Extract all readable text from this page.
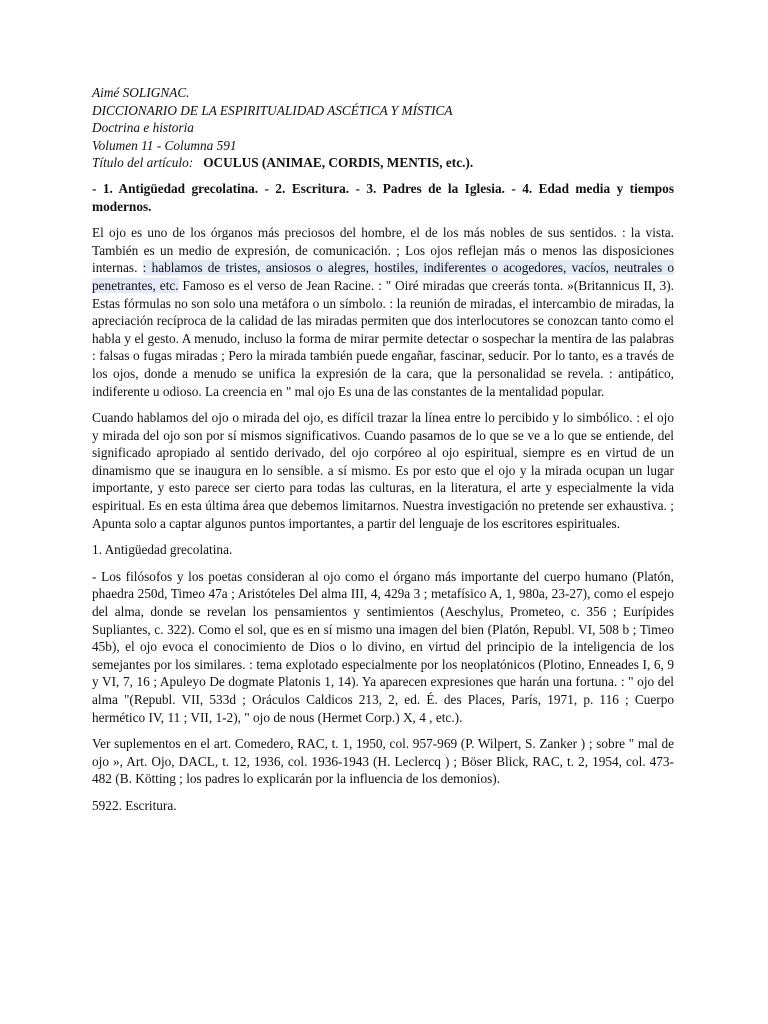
Aimé SOLIGNAC.
DICCIONARIO DE LA ESPIRITUALIDAD ASCÉTICA Y MÍSTICA
Doctrina e historia
Volumen 11 - Columna 591
Título del artículo: OCULUS (ANIMAE, CORDIS, MENTIS, etc.).

- 1. Antigüedad grecolatina. - 2. Escritura. - 3. Padres de la Iglesia. - 4. Edad media y tiempos modernos.

El ojo es uno de los órganos más preciosos del hombre, el de los más nobles de sus sentidos. : la vista. También es un medio de expresión, de comunicación. ; Los ojos reflejan más o menos las disposiciones internas. : hablamos de tristes, ansiosos o alegres, hostiles, indiferentes o acogedores, vacíos, neutrales o penetrantes, etc. Famoso es el verso de Jean Racine. : " Oiré miradas que creerás tonta. »(Britannicus II, 3). Estas fórmulas no son solo una metáfora o un símbolo. : la reunión de miradas, el intercambio de miradas, la apreciación recíproca de la calidad de las miradas permiten que dos interlocutores se conozcan tanto como el habla y el gesto. A menudo, incluso la forma de mirar permite detectar o sospechar la mentira de las palabras : falsas o fugas miradas ; Pero la mirada también puede engañar, fascinar, seducir. Por lo tanto, es a través de los ojos, donde a menudo se unifica la expresión de la cara, que la personalidad se revela. : antipático, indiferente u odioso. La creencia en " mal ojo Es una de las constantes de la mentalidad popular.

Cuando hablamos del ojo o mirada del ojo, es difícil trazar la línea entre lo percibido y lo simbólico. : el ojo y mirada del ojo son por sí mismos significativos. Cuando pasamos de lo que se ve a lo que se entiende, del significado apropiado al sentido derivado, del ojo corpóreo al ojo espiritual, siempre es en virtud de un dinamismo que se inaugura en lo sensible. a sí mismo. Es por esto que el ojo y la mirada ocupan un lugar importante, y esto parece ser cierto para todas las culturas, en la literatura, el arte y especialmente la vida espiritual. Es en esta última área que debemos limitarnos. Nuestra investigación no pretende ser exhaustiva. ; Apunta solo a captar algunos puntos importantes, a partir del lenguaje de los escritores espirituales.

1. Antigüedad grecolatina.

- Los filósofos y los poetas consideran al ojo como el órgano más importante del cuerpo humano (Platón, phaedra 250d, Timeo 47a ; Aristóteles Del alma III, 4, 429a 3 ; metafísico A, 1, 980a, 23-27), como el espejo del alma, donde se revelan los pensamientos y sentimientos (Aeschylus, Prometeo, c. 356 ; Eurípides Supliantes, c. 322). Como el sol, que es en sí mismo una imagen del bien (Platón, Republ. VI, 508 b ; Timeo 45b), el ojo evoca el conocimiento de Dios o lo divino, en virtud del principio de la inteligencia de los semejantes por los similares. : tema explotado especialmente por los neoplatónicos (Plotino, Enneades I, 6, 9 y VI, 7, 16 ; Apuleyo De dogmate Platonis 1, 14). Ya aparecen expresiones que harán una fortuna. : " ojo del alma "(Republ. VII, 533d ; Oráculos Caldicos 213, 2, ed. É. des Places, París, 1971, p. 116 ; Cuerpo hermético IV, 11 ; VII, 1-2), " ojo de nous (Hermet Corp.) X, 4 , etc.).

Ver suplementos en el art. Comedero, RAC, t. 1, 1950, col. 957-969 (P. Wilpert, S. Zanker ) ; sobre " mal de ojo », Art. Ojo, DACL, t. 12, 1936, col. 1936-1943 (H. Leclercq ) ; Böser Blick, RAC, t. 2, 1954, col. 473-482 (B. Kötting ; los padres lo explicarán por la influencia de los demonios).

5922. Escritura.
